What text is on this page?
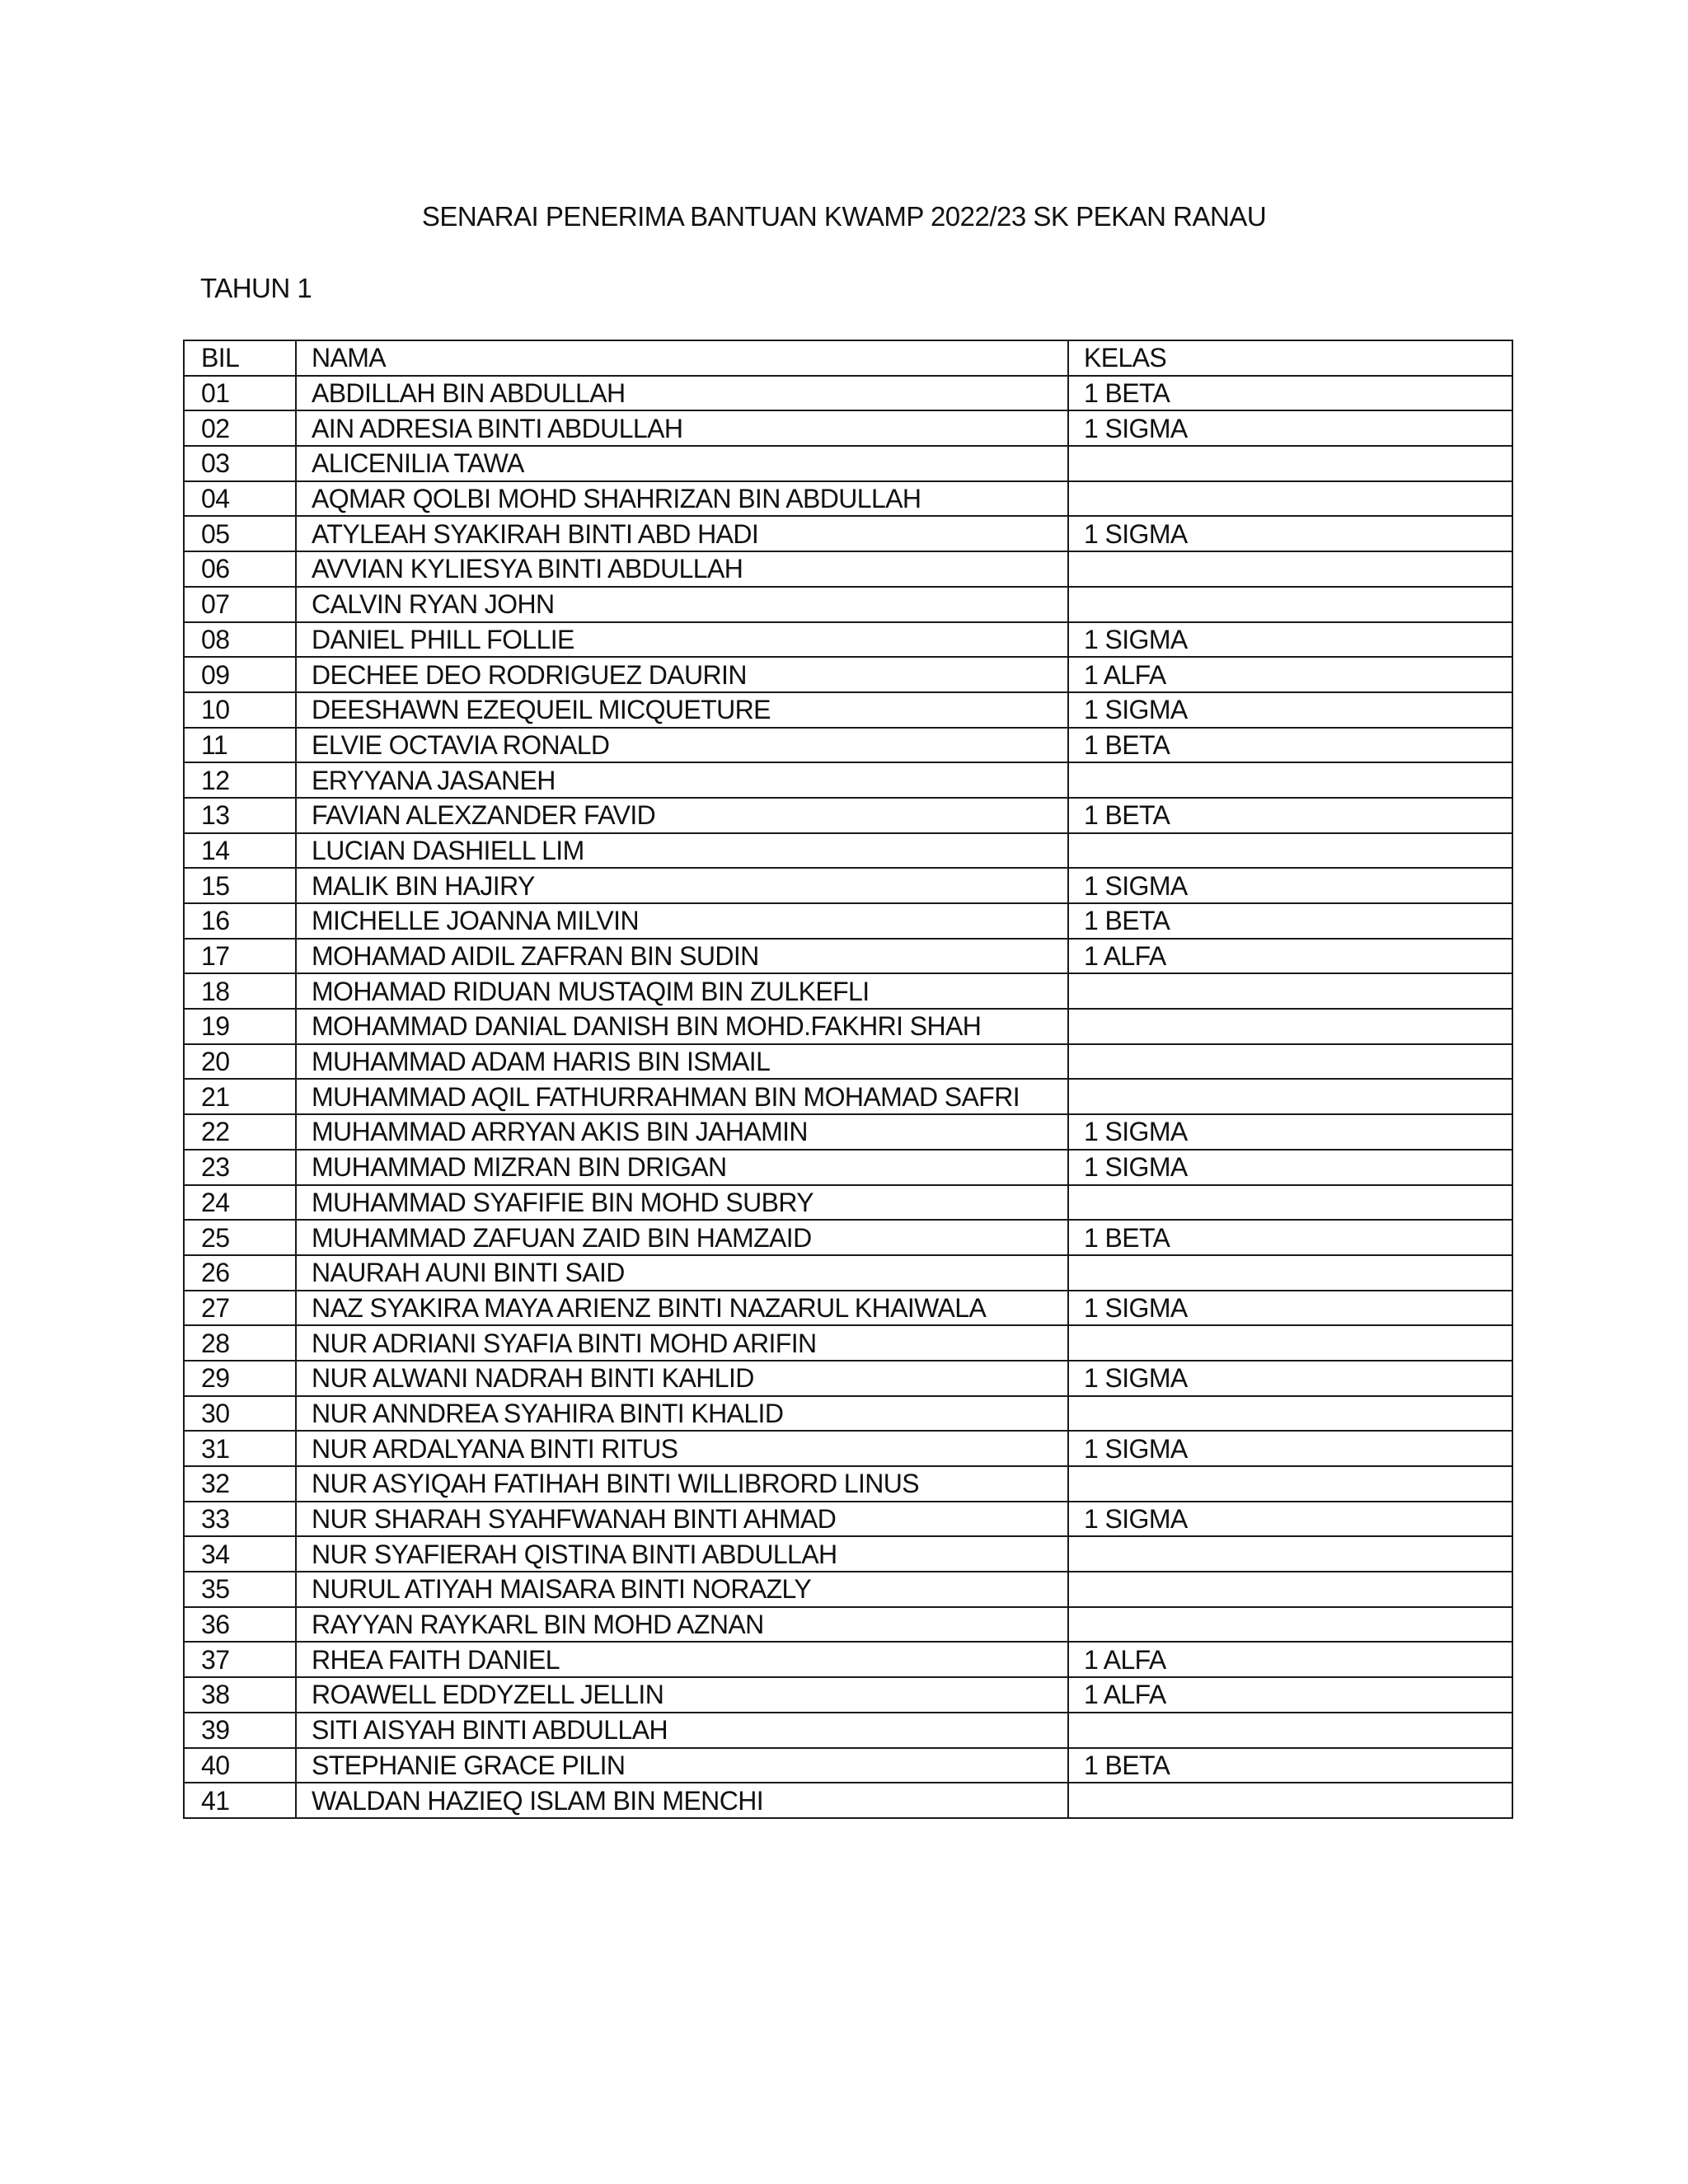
SENARAI PENERIMA BANTUAN KWAMP 2022/23 SK PEKAN RANAU
TAHUN 1
BIL	NAMA	KELAS
01	ABDILLAH BIN ABDULLAH	1 BETA
02	AIN ADRESIA BINTI ABDULLAH	1 SIGMA
03	ALICENILIA TAWA	
04	AQMAR QOLBI MOHD SHAHRIZAN BIN ABDULLAH	
05	ATYLEAH SYAKIRAH BINTI ABD HADI	1 SIGMA
06	AVVIAN KYLIESYA BINTI ABDULLAH	
07	CALVIN RYAN JOHN	
08	DANIEL PHILL FOLLIE	1 SIGMA
09	DECHEE DEO RODRIGUEZ DAURIN	1 ALFA
10	DEESHAWN EZEQUEIL MICQUETURE	1 SIGMA
11	ELVIE OCTAVIA RONALD	1 BETA
12	ERYYANA JASANEH	
13	FAVIAN ALEXZANDER FAVID	1 BETA
14	LUCIAN DASHIELL LIM	
15	MALIK BIN HAJIRY	1 SIGMA
16	MICHELLE JOANNA MILVIN	1 BETA
17	MOHAMAD AIDIL ZAFRAN BIN SUDIN	1 ALFA
18	MOHAMAD RIDUAN MUSTAQIM BIN ZULKEFLI	
19	MOHAMMAD DANIAL DANISH BIN MOHD.FAKHRI SHAH	
20	MUHAMMAD ADAM HARIS BIN ISMAIL	
21	MUHAMMAD AQIL FATHURRAHMAN BIN MOHAMAD SAFRI	
22	MUHAMMAD ARRYAN AKIS BIN JAHAMIN	1 SIGMA
23	MUHAMMAD MIZRAN BIN DRIGAN	1 SIGMA
24	MUHAMMAD SYAFIFIE BIN MOHD SUBRY	
25	MUHAMMAD ZAFUAN ZAID BIN HAMZAID	1 BETA
26	NAURAH AUNI BINTI SAID	
27	NAZ SYAKIRA MAYA ARIENZ BINTI NAZARUL KHAIWALA	1 SIGMA
28	NUR ADRIANI SYAFIA BINTI MOHD ARIFIN	
29	NUR ALWANI NADRAH BINTI KAHLID	1 SIGMA
30	NUR ANNDREA SYAHIRA BINTI KHALID	
31	NUR ARDALYANA BINTI RITUS	1 SIGMA
32	NUR ASYIQAH FATIHAH BINTI WILLIBRORD LINUS	
33	NUR SHARAH SYAHFWANAH BINTI AHMAD	1 SIGMA
34	NUR SYAFIERAH QISTINA BINTI ABDULLAH	
35	NURUL ATIYAH MAISARA BINTI NORAZLY	
36	RAYYAN RAYKARL BIN MOHD AZNAN	
37	RHEA FAITH DANIEL	1 ALFA
38	ROAWELL EDDYZELL JELLIN	1 ALFA
39	SITI AISYAH BINTI ABDULLAH	
40	STEPHANIE GRACE PILIN	1 BETA
41	WALDAN HAZIEQ ISLAM BIN MENCHI	
